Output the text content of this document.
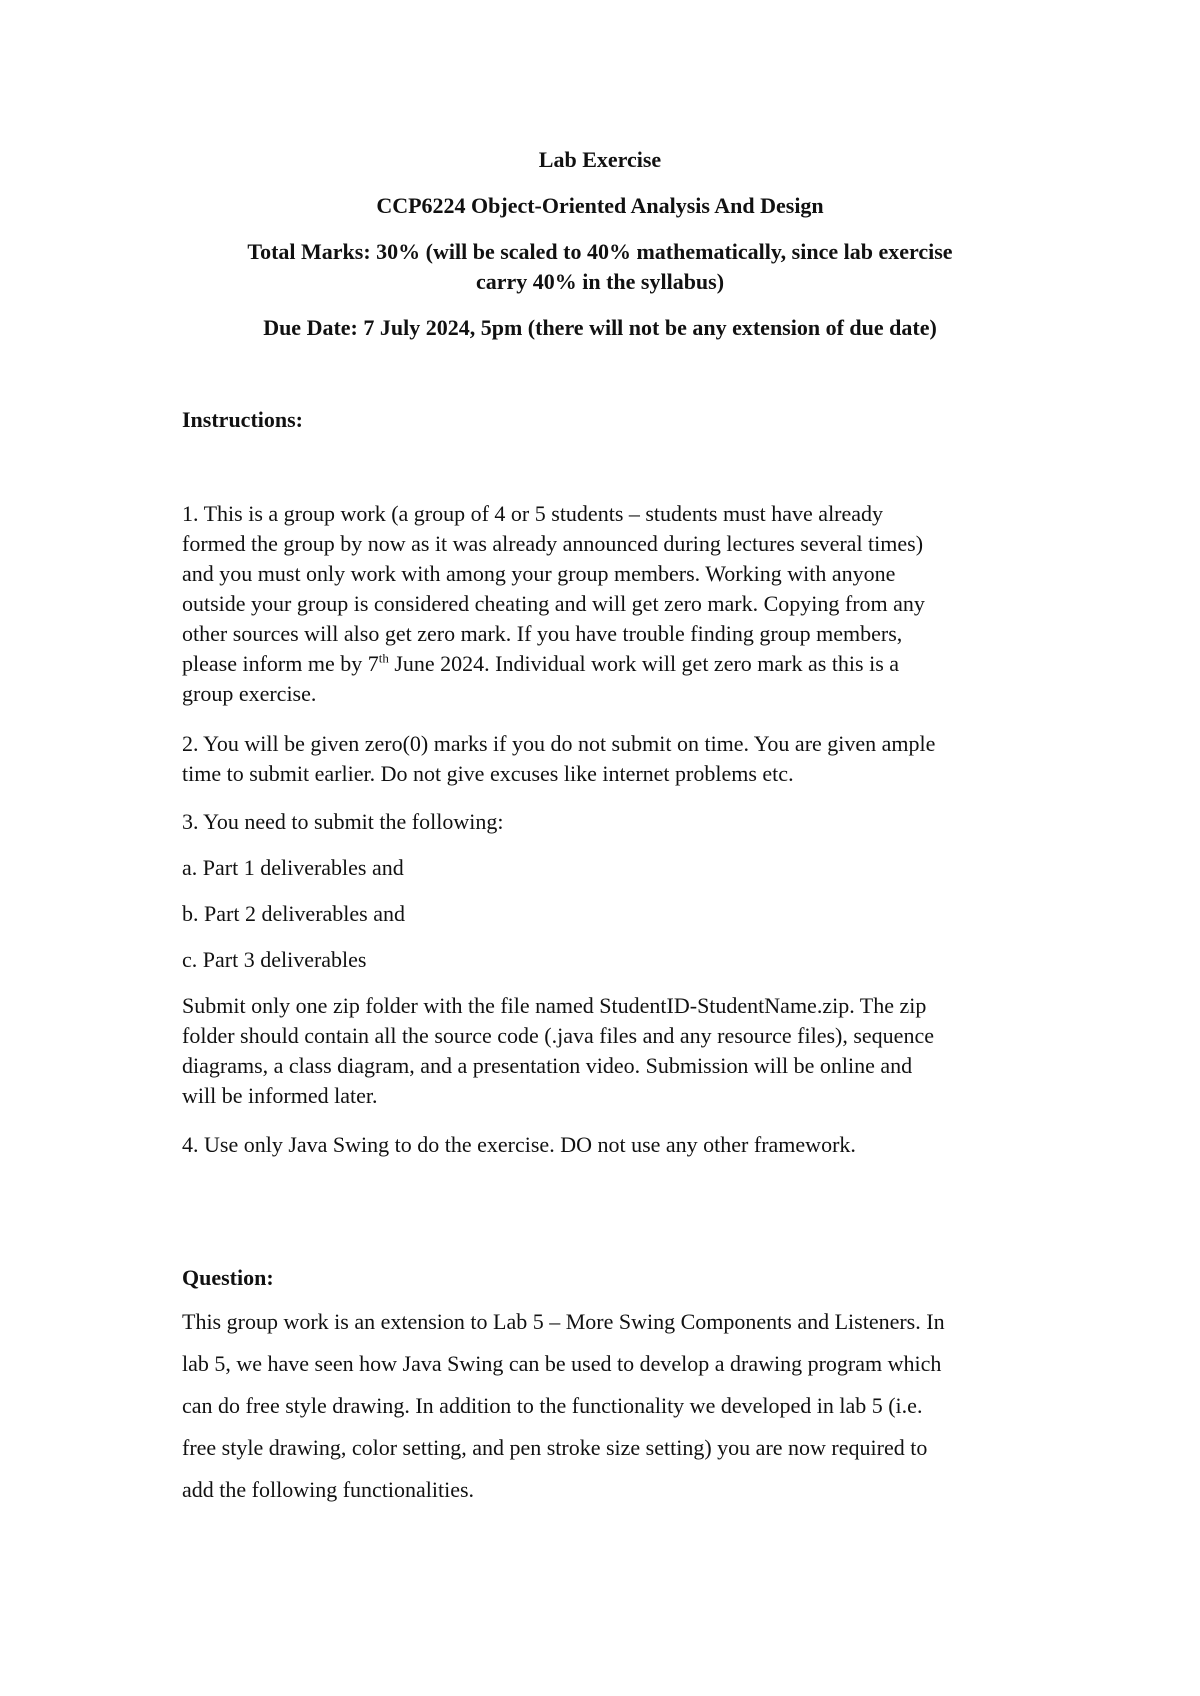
Lab Exercise
CCP6224 Object-Oriented Analysis And Design
Total Marks: 30% (will be scaled to 40% mathematically, since lab exercise
carry 40% in the syllabus)
Due Date: 7 July 2024, 5pm (there will not be any extension of due date)
Instructions:
1. This is a group work (a group of 4 or 5 students – students must have already
formed the group by now as it was already announced during lectures several times)
and you must only work with among your group members. Working with anyone
outside your group is considered cheating and will get zero mark. Copying from any
other sources will also get zero mark. If you have trouble finding group members,
please inform me by 7th June 2024. Individual work will get zero mark as this is a
group exercise.
2. You will be given zero(0) marks if you do not submit on time. You are given ample
time to submit earlier. Do not give excuses like internet problems etc.
3. You need to submit the following:
a. Part 1 deliverables and
b. Part 2 deliverables and
c. Part 3 deliverables
Submit only one zip folder with the file named StudentID-StudentName.zip. The zip
folder should contain all the source code (.java files and any resource files), sequence
diagrams, a class diagram, and a presentation video. Submission will be online and
will be informed later.
4. Use only Java Swing to do the exercise. DO not use any other framework.
Question:
This group work is an extension to Lab 5 – More Swing Components and Listeners. In
lab 5, we have seen how Java Swing can be used to develop a drawing program which
can do free style drawing. In addition to the functionality we developed in lab 5 (i.e.
free style drawing, color setting, and pen stroke size setting) you are now required to
add the following functionalities.
